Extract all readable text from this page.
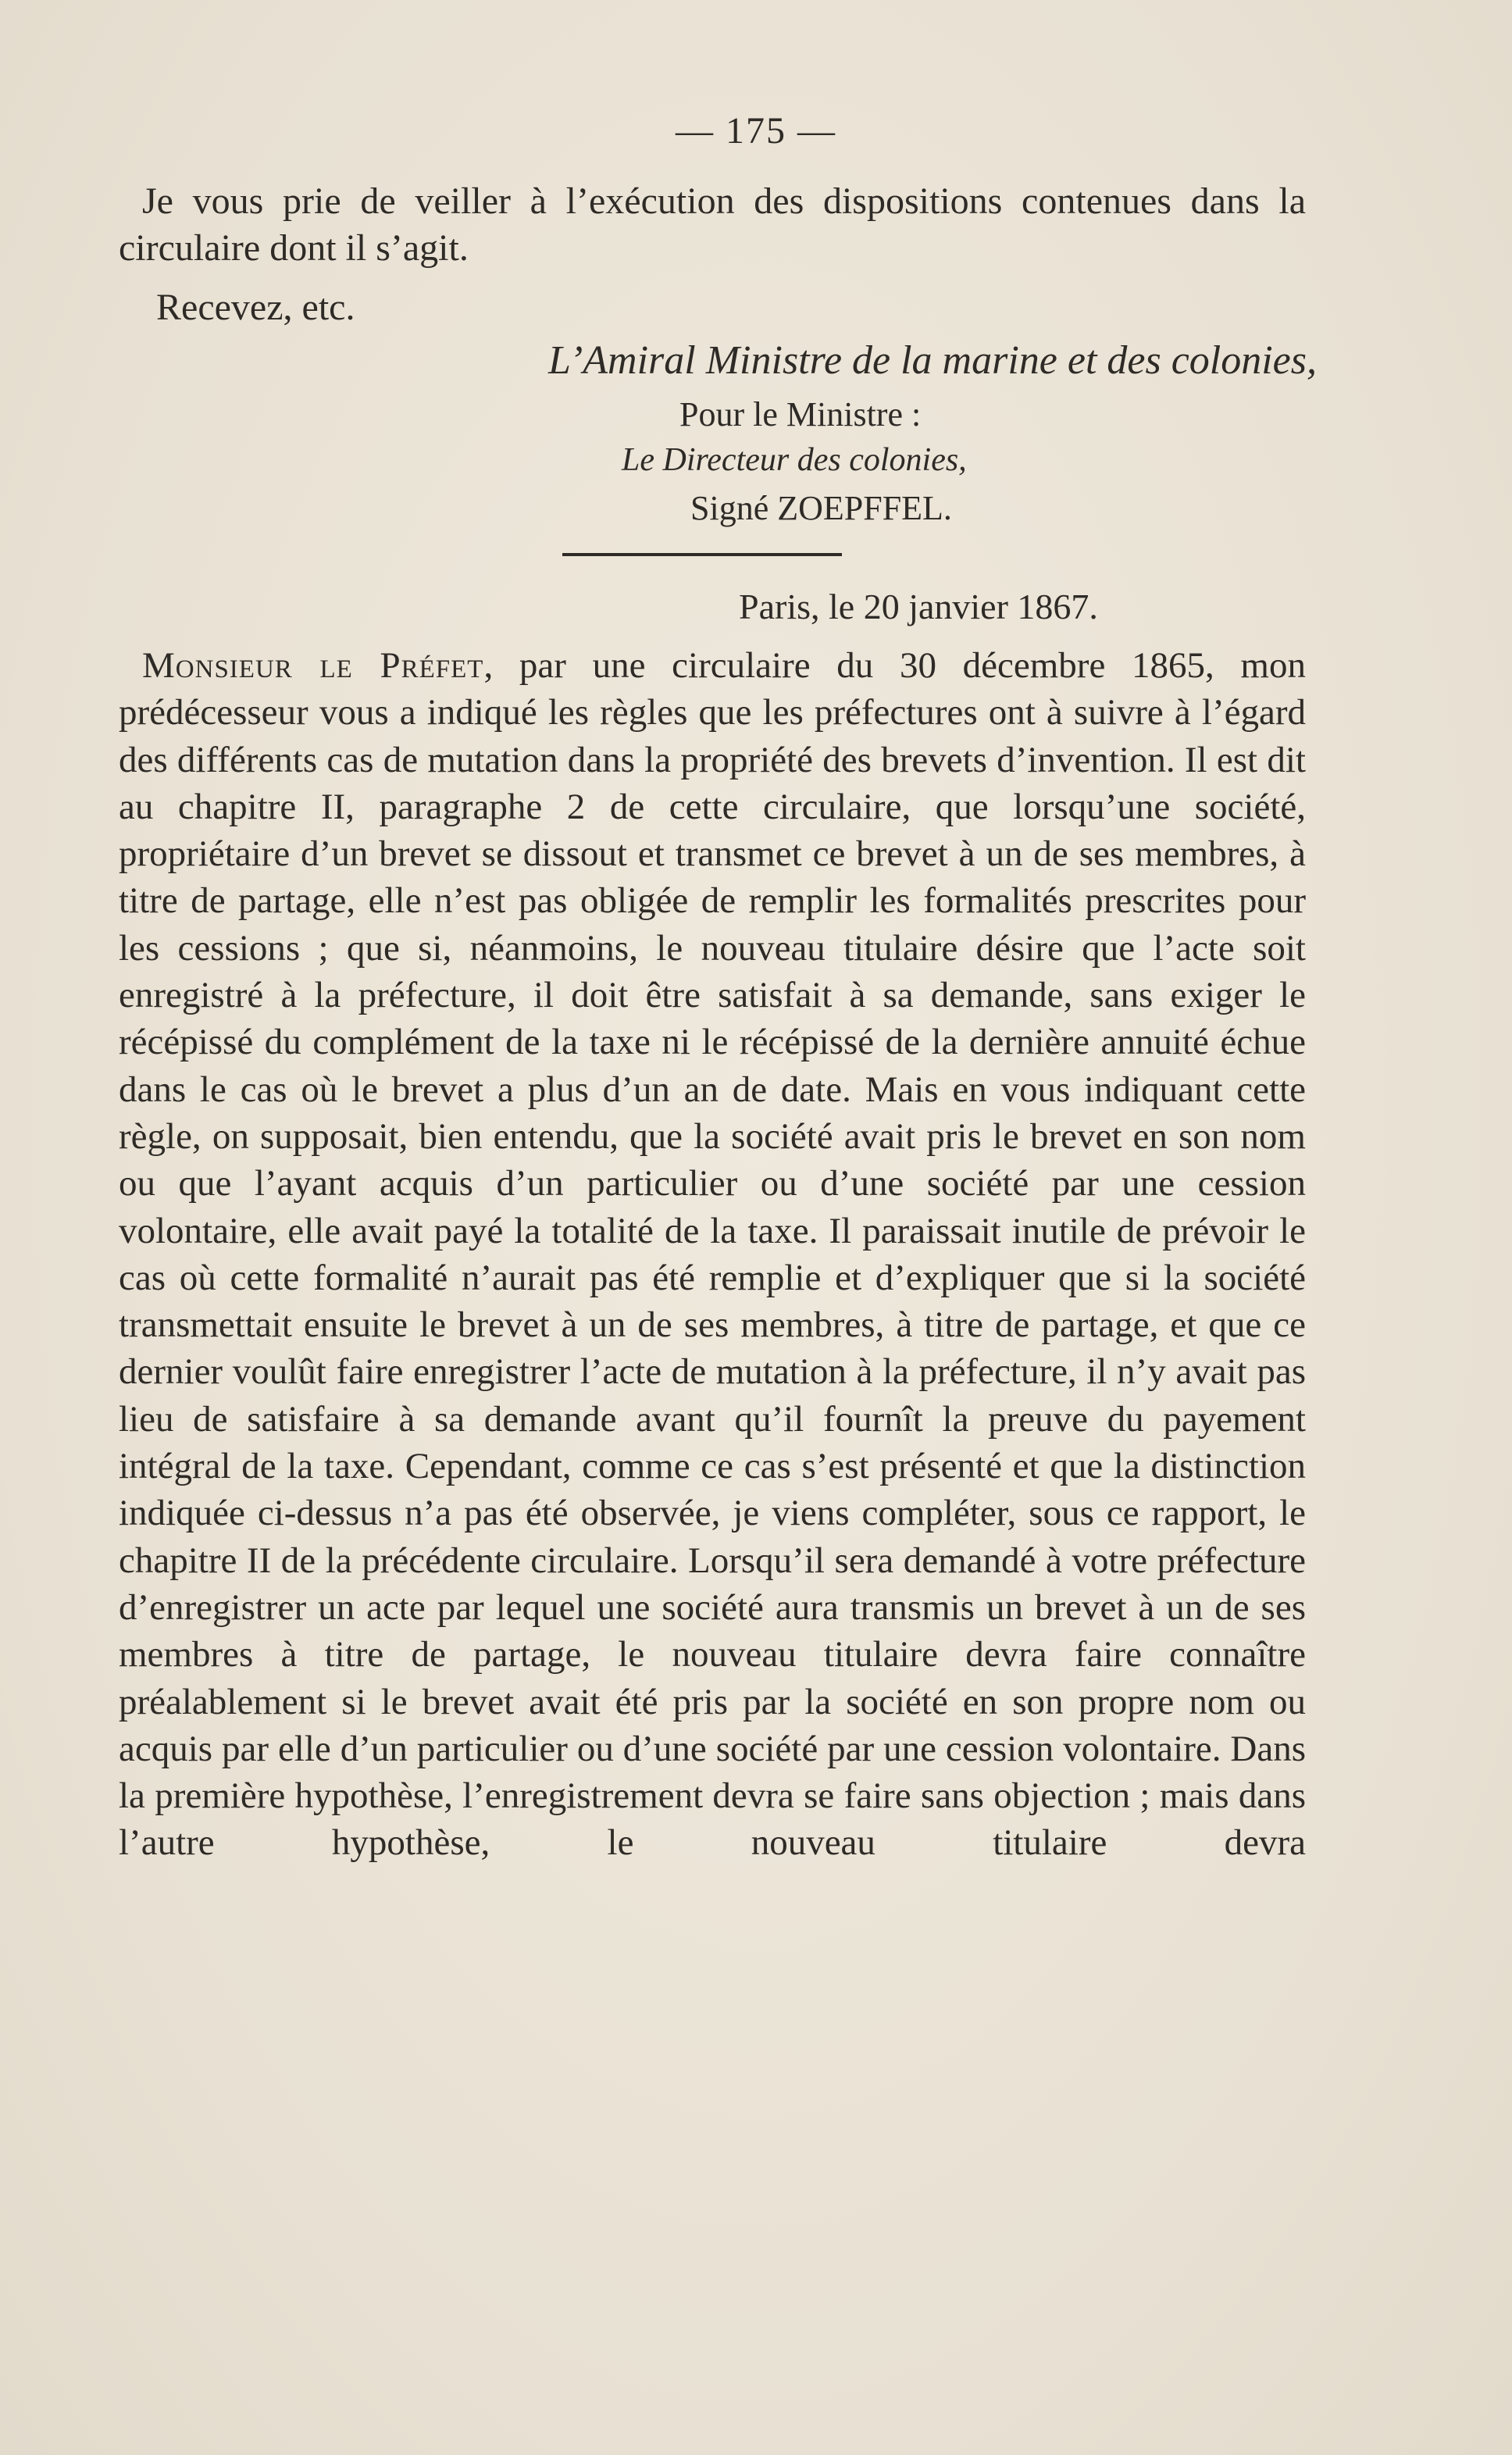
— 175 —
Je vous prie de veiller à l’exécution des dispositions contenues dans la circulaire dont il s’agit.
Recevez, etc.
L’Amiral Ministre de la marine et des colonies,
Pour le Ministre :
Le Directeur des colonies,
Signé ZOEPFFEL.
Paris, le 20 janvier 1867.
Monsieur le Préfet, par une circulaire du 30 décembre 1865, mon prédécesseur vous a indiqué les règles que les préfectures ont à suivre à l’égard des différents cas de mutation dans la propriété des brevets d’invention. Il est dit au chapitre II, paragraphe 2 de cette circulaire, que lorsqu’une société, propriétaire d’un brevet se dissout et transmet ce brevet à un de ses membres, à titre de partage, elle n’est pas obligée de remplir les formalités prescrites pour les cessions ; que si, néanmoins, le nouveau titulaire désire que l’acte soit enregistré à la préfecture, il doit être satisfait à sa demande, sans exiger le récépissé du complément de la taxe ni le récépissé de la dernière annuité échue dans le cas où le brevet a plus d’un an de date. Mais en vous indiquant cette règle, on supposait, bien entendu, que la société avait pris le brevet en son nom ou que l’ayant acquis d’un particulier ou d’une société par une cession volontaire, elle avait payé la totalité de la taxe. Il paraissait inutile de prévoir le cas où cette formalité n’aurait pas été remplie et d’expliquer que si la société transmettait ensuite le brevet à un de ses membres, à titre de partage, et que ce dernier voulût faire enregistrer l’acte de mutation à la préfecture, il n’y avait pas lieu de satisfaire à sa demande avant qu’il fournît la preuve du payement intégral de la taxe. Cependant, comme ce cas s’est présenté et que la distinction indiquée ci-dessus n’a pas été observée, je viens compléter, sous ce rapport, le chapitre II de la précédente circulaire. Lorsqu’il sera demandé à votre préfecture d’enregistrer un acte par lequel une société aura transmis un brevet à un de ses membres à titre de partage, le nouveau titulaire devra faire connaître préalablement si le brevet avait été pris par la société en son propre nom ou acquis par elle d’un particulier ou d’une société par une cession volontaire. Dans la première hypothèse, l’enregistrement devra se faire sans objection ; mais dans l’autre hypothèse, le nouveau titulaire devra
